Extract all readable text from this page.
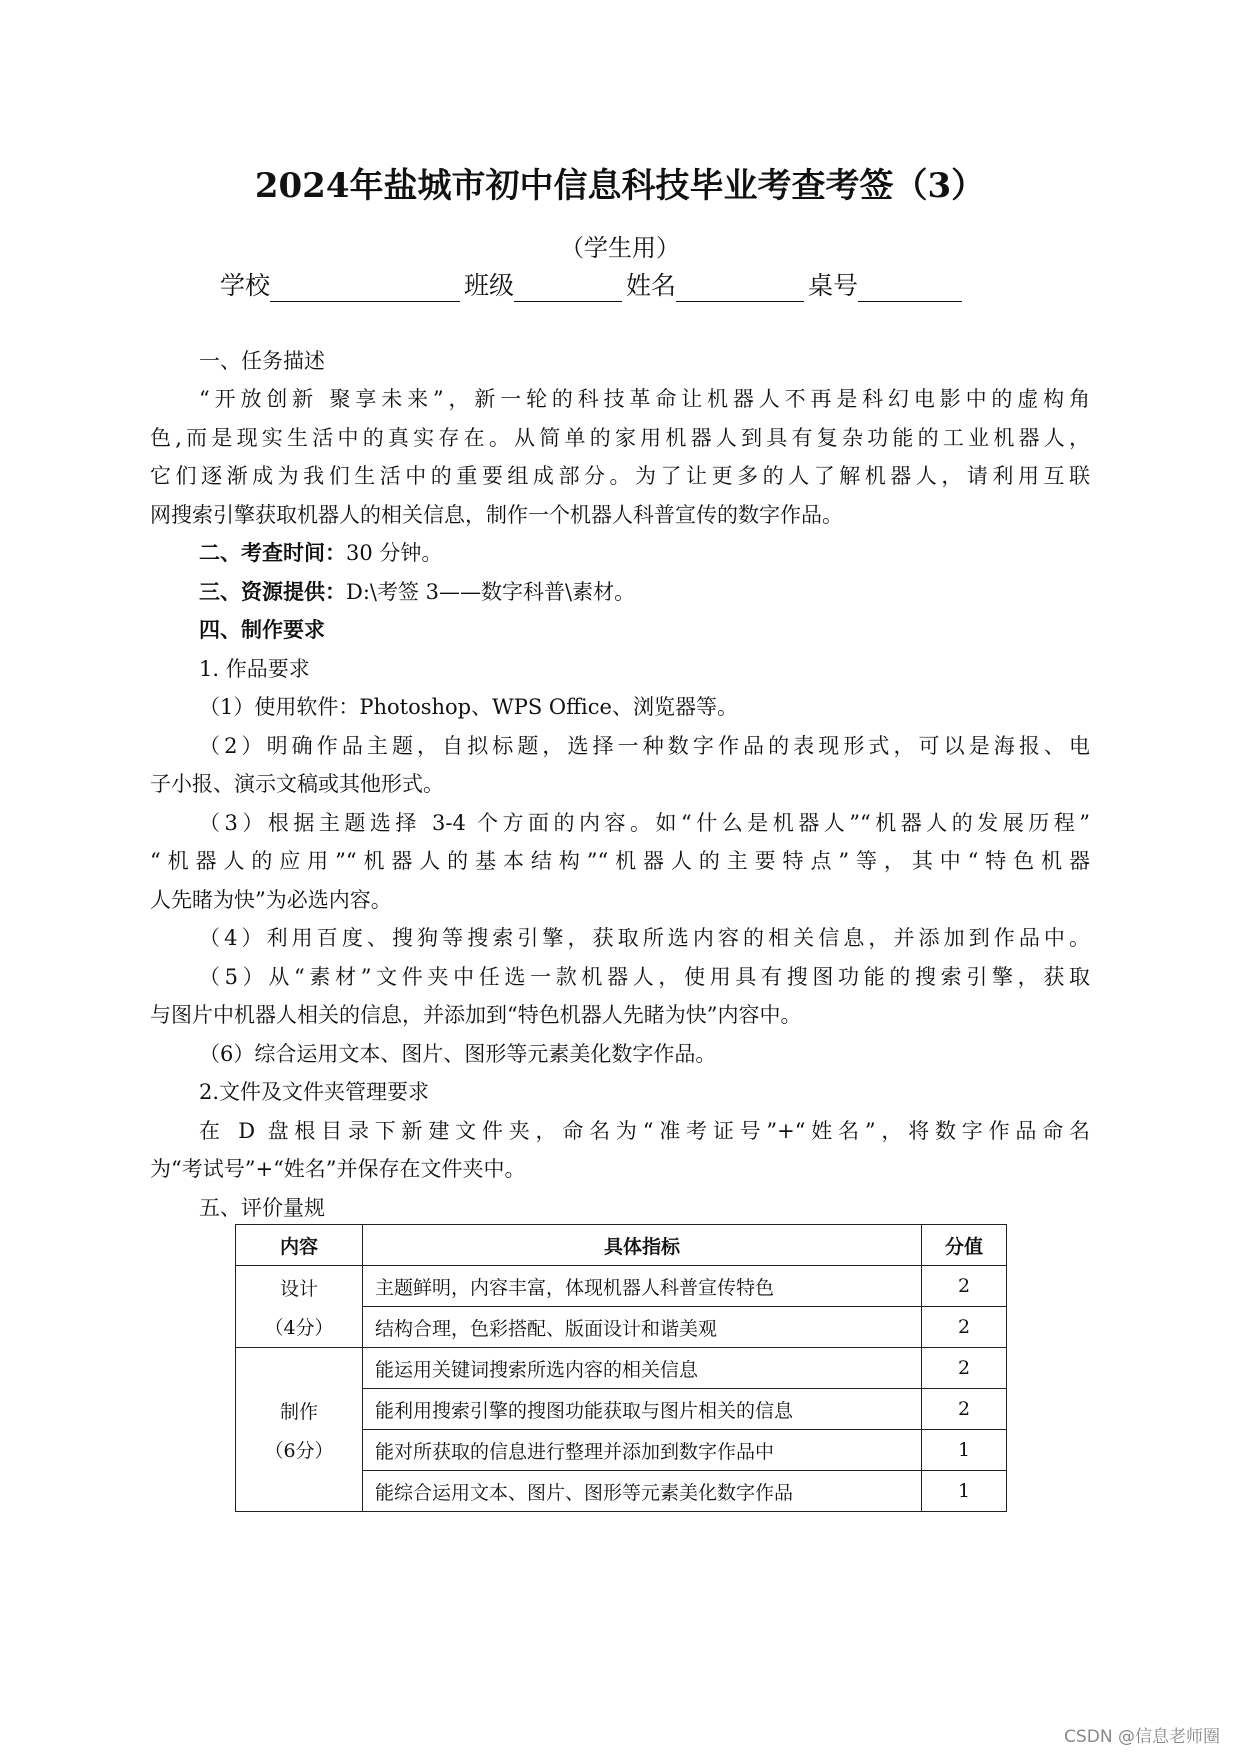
2024年盐城市初中信息科技毕业考查考签（3）
（学生用）
学校	班级	姓名	桌号
一、任务描述
“开放创新 聚享未来”，新一轮的科技革命让机器人不再是科幻电影中的虚构角
色,而是现实生活中的真实存在。从简单的家用机器人到具有复杂功能的工业机器人，
它们逐渐成为我们生活中的重要组成部分。为了让更多的人了解机器人，请利用互联
网搜索引擎获取机器人的相关信息，制作一个机器人科普宣传的数字作品。
二、考查时间：30 分钟。
三、资源提供：D:\考签 3——数字科普\素材。
四、制作要求
1. 作品要求
（1）使用软件：Photoshop、WPS Office、浏览器等。
（2）明确作品主题，自拟标题，选择一种数字作品的表现形式，可以是海报、电
子小报、演示文稿或其他形式。
（3）根据主题选择 3-4 个方面的内容。如“什么是机器人”“机器人的发展历程”
“机器人的应用”“机器人的基本结构”“机器人的主要特点”等，其中“特色机器
人先睹为快”为必选内容。
（4）利用百度、搜狗等搜索引擎，获取所选内容的相关信息，并添加到作品中。
（5）从“素材”文件夹中任选一款机器人，使用具有搜图功能的搜索引擎，获取
与图片中机器人相关的信息，并添加到“特色机器人先睹为快”内容中。
（6）综合运用文本、图片、图形等元素美化数字作品。
2.文件及文件夹管理要求
在 D 盘根目录下新建文件夹，命名为“准考证号”+“姓名”，将数字作品命名
为“考试号”+“姓名”并保存在文件夹中。
五、评价量规
内容	具体指标	分值

设计
（4分）	主题鲜明，内容丰富，体现机器人科普宣传特色	2
	结构合理，色彩搭配、版面设计和谐美观	2

制作
（6分）	能运用关键词搜索所选内容的相关信息	2
	能利用搜索引擎的搜图功能获取与图片相关的信息	2
	能对所获取的信息进行整理并添加到数字作品中	1
	能综合运用文本、图片、图形等元素美化数字作品	1
CSDN @信息老师圈
